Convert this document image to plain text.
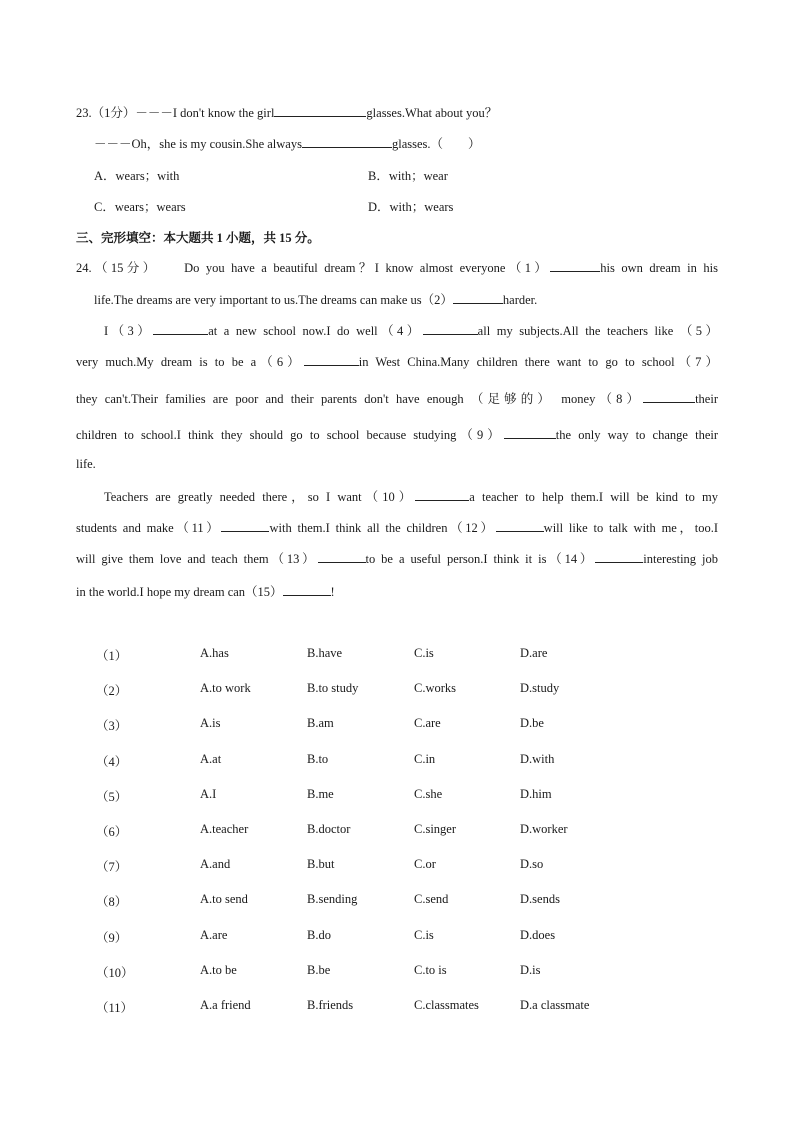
23.（1分）－－－I don't know the girl	glasses.What about you？
－－－Oh，she is my cousin.She always	glasses.（　　）
A．wears；with	B．with；wear
C．wears；wears	D．with；wears
三、完形填空：本大题共 1 小题，共 15 分。
24.（15分）　　Do you have a beautiful dream？I know almost everyone（1）	his own dream in his
life.The dreams are very important to us.The dreams can make us（2）	harder.
I（3）	at a new school now.I do well（4）	all my subjects.All the teachers like （5）
very much.My dream is to be a（6）	in West China.Many children there want to go to school（7）
they can't.Their families are poor and their parents don't have enough （足够的） money（8）	their
children to school.I think they should go to school because studying（9）	the only way to change their
life.
Teachers are greatly needed there，so I want（10）	a teacher to help them.I will be kind to my
students and make（11）	with them.I think all the children（12）	will like to talk with me，too.I
will give them love and teach them（13）	to be a useful person.I think it is（14）	interesting job
in the world.I hope my dream can（15）	!
（1）	A.has	B.have	C.is	D.are
（2）	A.to work	B.to study	C.works	D.study
（3）	A.is	B.am	C.are	D.be
（4）	A.at	B.to	C.in	D.with
（5）	A.I	B.me	C.she	D.him
（6）	A.teacher	B.doctor	C.singer	D.worker
（7）	A.and	B.but	C.or	D.so
（8）	A.to send	B.sending	C.send	D.sends
（9）	A.are	B.do	C.is	D.does
（10）	A.to be	B.be	C.to is	D.is
（11）	A.a friend	B.friends	C.classmates	D.a classmate
